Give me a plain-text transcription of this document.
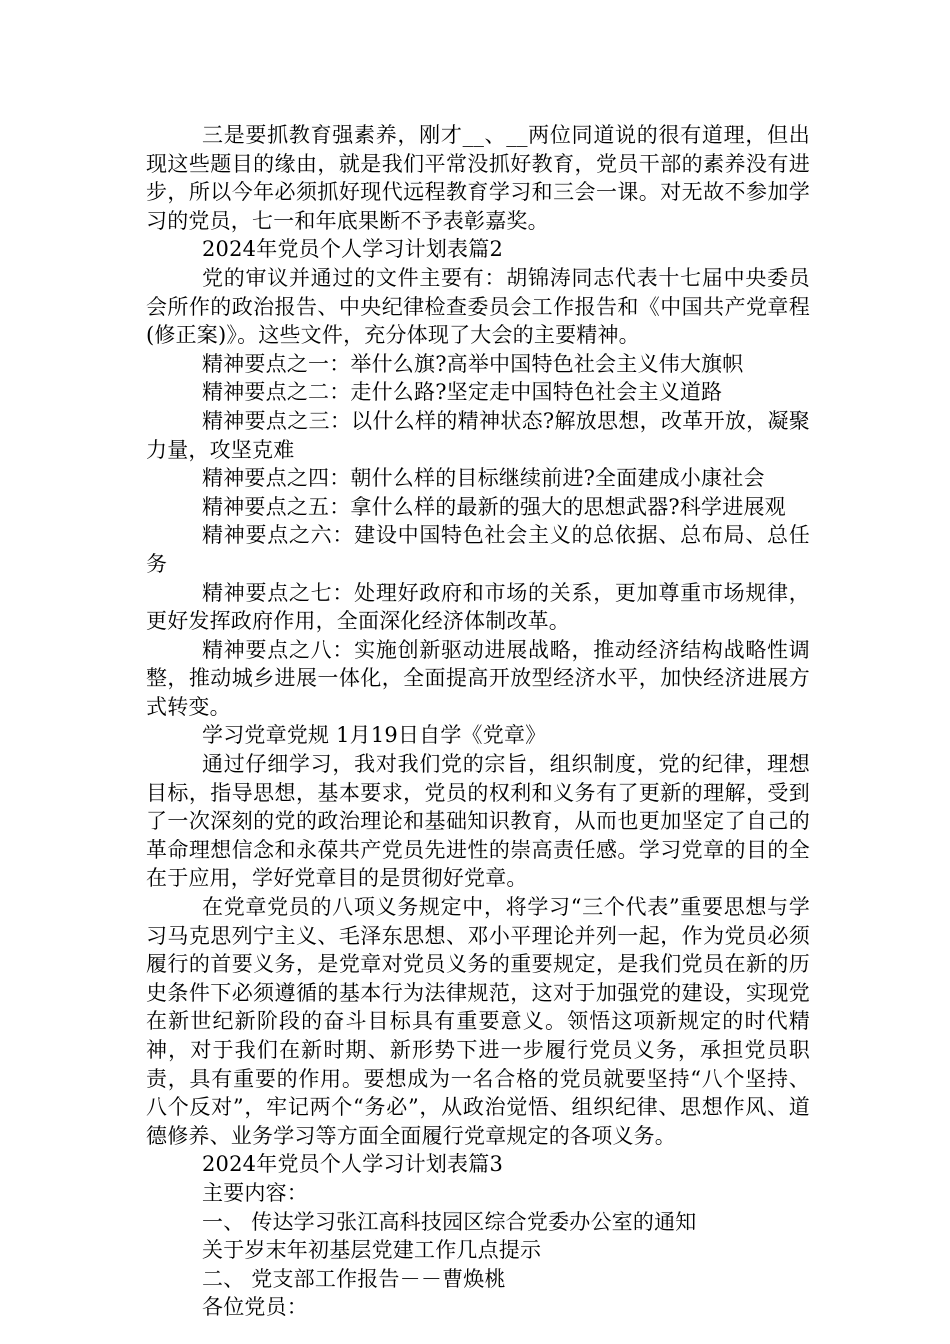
三是要抓教育强素养，刚才__、__两位同道说的很有道理，但出现这些题目的缘由，就是我们平常没抓好教育，党员干部的素养没有进步，所以今年必须抓好现代远程教育学习和三会一课。对无故不参加学习的党员，七一和年底果断不予表彰嘉奖。

2024年党员个人学习计划表篇2

党的审议并通过的文件主要有：胡锦涛同志代表十七届中央委员会所作的政治报告、中央纪律检查委员会工作报告和《中国共产党章程(修正案)》。这些文件，充分体现了大会的主要精神。

精神要点之一：举什么旗?高举中国特色社会主义伟大旗帜

精神要点之二：走什么路?坚定走中国特色社会主义道路

精神要点之三：以什么样的精神状态?解放思想，改革开放，凝聚力量，攻坚克难

精神要点之四：朝什么样的目标继续前进?全面建成小康社会

精神要点之五：拿什么样的最新的强大的思想武器?科学进展观

精神要点之六：建设中国特色社会主义的总依据、总布局、总任务

精神要点之七：处理好政府和市场的关系，更加尊重市场规律，更好发挥政府作用，全面深化经济体制改革。

精神要点之八：实施创新驱动进展战略，推动经济结构战略性调整，推动城乡进展一体化，全面提高开放型经济水平，加快经济进展方式转变。

学习党章党规 1月19日自学《党章》

通过仔细学习，我对我们党的宗旨，组织制度，党的纪律，理想目标，指导思想，基本要求，党员的权利和义务有了更新的理解，受到了一次深刻的党的政治理论和基础知识教育，从而也更加坚定了自己的革命理想信念和永葆共产党员先进性的崇高责任感。学习党章的目的全在于应用，学好党章目的是贯彻好党章。

在党章党员的八项义务规定中，将学习“三个代表”重要思想与学习马克思列宁主义、毛泽东思想、邓小平理论并列一起，作为党员必须履行的首要义务，是党章对党员义务的重要规定，是我们党员在新的历史条件下必须遵循的基本行为法律规范，这对于加强党的建设，实现党在新世纪新阶段的奋斗目标具有重要意义。领悟这项新规定的时代精神，对于我们在新时期、新形势下进一步履行党员义务，承担党员职责，具有重要的作用。要想成为一名合格的党员就要坚持“八个坚持、八个反对”，牢记两个“务必”，从政治觉悟、组织纪律、思想作风、道德修养、业务学习等方面全面履行党章规定的各项义务。

2024年党员个人学习计划表篇3

主要内容：

一、 传达学习张江高科技园区综合党委办公室的通知

关于岁末年初基层党建工作几点提示

二、 党支部工作报告－－曹焕桃

各位党员：
